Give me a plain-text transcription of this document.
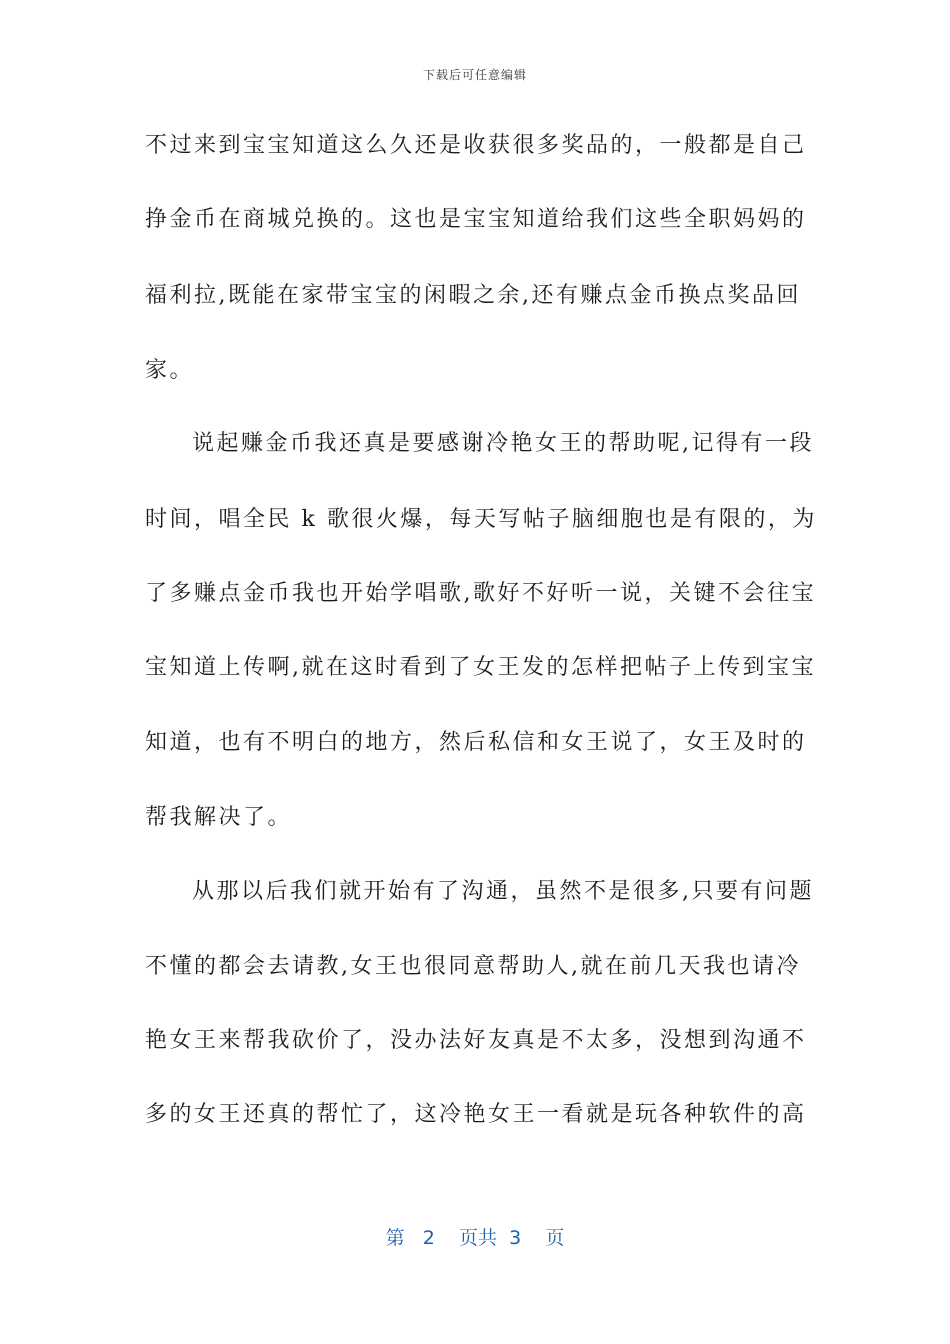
下载后可任意编辑
不过来到宝宝知道这么久还是收获很多奖品的，一般都是自己
挣金币在商城兑换的。这也是宝宝知道给我们这些全职妈妈的
福利拉,既能在家带宝宝的闲暇之余,还有赚点金币换点奖品回
家。
说起赚金币我还真是要感谢冷艳女王的帮助呢,记得有一段
时间，唱全民 k 歌很火爆，每天写帖子脑细胞也是有限的，为
了多赚点金币我也开始学唱歌,歌好不好听一说，关键不会往宝
宝知道上传啊,就在这时看到了女王发的怎样把帖子上传到宝宝
知道，也有不明白的地方，然后私信和女王说了，女王及时的
帮我解决了。
从那以后我们就开始有了沟通，虽然不是很多,只要有问题
不懂的都会去请教,女王也很同意帮助人,就在前几天我也请冷
艳女王来帮我砍价了，没办法好友真是不太多，没想到沟通不
多的女王还真的帮忙了，这冷艳女王一看就是玩各种软件的高
第 2 页共 3 页
